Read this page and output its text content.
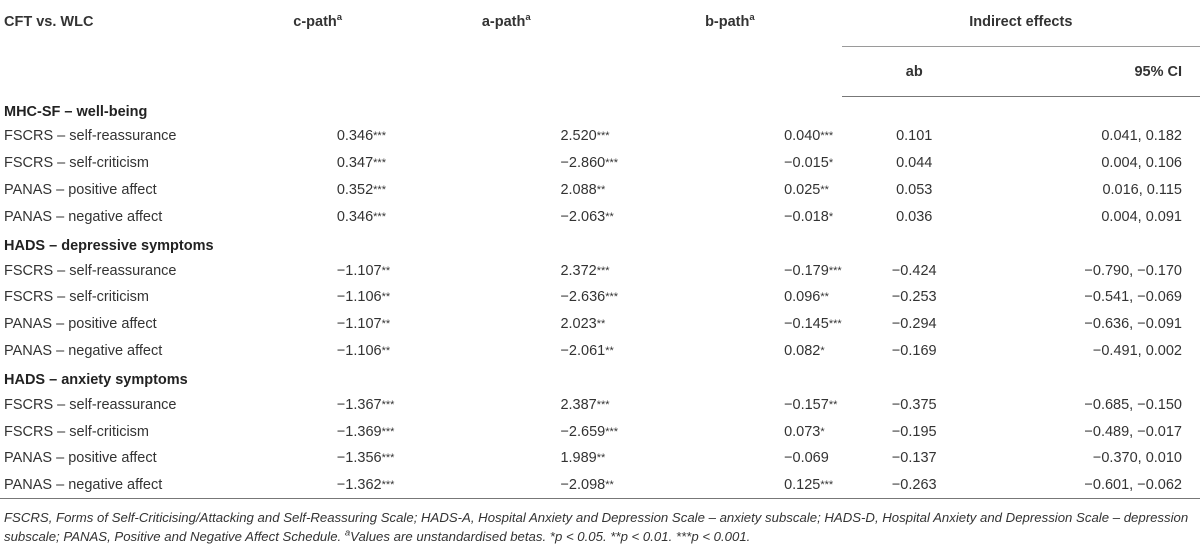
CFT vs. WLC	c-path$^a$	a-path$^a$	b-path$^a$	Indirect effects	
				ab	95% CI
MHC-SF – well-being					
FSCRS – self-reassurance	0.346***	2.520***	0.040***	0.101	0.041, 0.182
FSCRS – self-criticism	0.347***	−2.860***	−0.015*	0.044	0.004, 0.106
PANAS – positive affect	0.352***	2.088**	0.025**	0.053	0.016, 0.115
PANAS – negative affect	0.346***	−2.063**	−0.018*	0.036	0.004, 0.091
HADS – depressive symptoms					
FSCRS – self-reassurance	−1.107**	2.372***	−0.179***	−0.424	−0.790, −0.170
FSCRS – self-criticism	−1.106**	−2.636***	0.096**	−0.253	−0.541, −0.069
PANAS – positive affect	−1.107**	2.023**	−0.145***	−0.294	−0.636, −0.091
PANAS – negative affect	−1.106**	−2.061**	0.082*	−0.169	−0.491, 0.002
HADS – anxiety symptoms					
FSCRS – self-reassurance	−1.367***	2.387***	−0.157**	−0.375	−0.685, −0.150
FSCRS – self-criticism	−1.369***	−2.659***	0.073*	−0.195	−0.489, −0.017
PANAS – positive affect	−1.356***	1.989**	−0.069	−0.137	−0.370, 0.010
PANAS – negative affect	−1.362***	−2.098**	0.125***	−0.263	−0.601, −0.062
FSCRS, Forms of Self-Criticising/Attacking and Self-Reassuring Scale; HADS-A, Hospital Anxiety and Depression Scale – anxiety subscale; HADS-D, Hospital Anxiety and Depression Scale – depression subscale; PANAS, Positive and Negative Affect Schedule. $^a$Values are unstandardised betas. *p < 0.05. **p < 0.01. ***p < 0.001.
